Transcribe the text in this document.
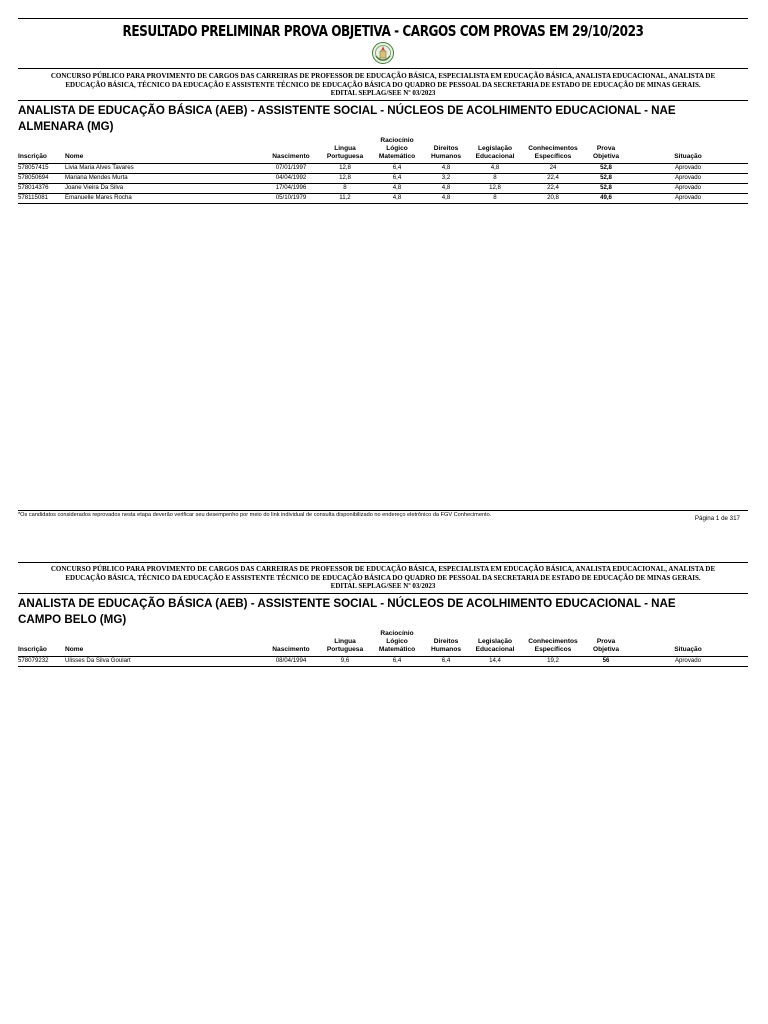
RESULTADO PRELIMINAR PROVA OBJETIVA - CARGOS COM PROVAS EM 29/10/2023
CONCURSO PÚBLICO PARA PROVIMENTO DE CARGOS DAS CARREIRAS DE PROFESSOR DE EDUCAÇÃO BÁSICA, ESPECIALISTA EM EDUCAÇÃO BÁSICA, ANALISTA EDUCACIONAL, ANALISTA DE
EDUCAÇÃO BÁSICA, TÉCNICO DA EDUCAÇÃO E ASSISTENTE TÉCNICO DE EDUCAÇÃO BÁSICA DO QUADRO DE PESSOAL DA SECRETARIA DE ESTADO DE EDUCAÇÃO DE MINAS GERAIS.
EDITAL SEPLAG/SEE Nº 03/2023
ANALISTA DE EDUCAÇÃO BÁSICA (AEB) - ASSISTENTE SOCIAL - NÚCLEOS DE ACOLHIMENTO EDUCACIONAL - NAE
ALMENARA (MG)
Inscrição	Nome	Nascimento	Lingua Portuguesa	Raciocínio Lógico Matemático	Direitos Humanos	Legislação Educacional	Conhecimentos Específicos	Prova Objetiva	Situação
578057415	Livia Maria Alves Tavares	07/01/1997	12,8	6,4	4,8	4,8	24	52,8	Aprovado
578050694	Mariana Mendes Murta	04/04/1992	12,8	6,4	3,2	8	22,4	52,8	Aprovado
578014376	Joane Vieira Da Silva	17/04/1996	8	4,8	4,8	12,8	22,4	52,8	Aprovado
578115081	Emanuelle Mares Rocha	05/10/1979	11,2	4,8	4,8	8	20,8	49,6	Aprovado
*Os candidatos considerados reprovados nesta etapa deverão verificar seu desempenho por meio do link individual de consulta disponibilizado no endereço eletrônico da FGV Conhecimento.	Página 1 de 317
CONCURSO PÚBLICO PARA PROVIMENTO DE CARGOS DAS CARREIRAS DE PROFESSOR DE EDUCAÇÃO BÁSICA, ESPECIALISTA EM EDUCAÇÃO BÁSICA, ANALISTA EDUCACIONAL, ANALISTA DE
EDUCAÇÃO BÁSICA, TÉCNICO DA EDUCAÇÃO E ASSISTENTE TÉCNICO DE EDUCAÇÃO BÁSICA DO QUADRO DE PESSOAL DA SECRETARIA DE ESTADO DE EDUCAÇÃO DE MINAS GERAIS.
EDITAL SEPLAG/SEE Nº 03/2023
ANALISTA DE EDUCAÇÃO BÁSICA (AEB) - ASSISTENTE SOCIAL - NÚCLEOS DE ACOLHIMENTO EDUCACIONAL - NAE
CAMPO BELO (MG)
Inscrição	Nome	Nascimento	Lingua Portuguesa	Raciocínio Lógico Matemático	Direitos Humanos	Legislação Educacional	Conhecimentos Específicos	Prova Objetiva	Situação
578079232	Ulisses Da Silva Goulart	08/04/1994	9,6	6,4	6,4	14,4	19,2	56	Aprovado
